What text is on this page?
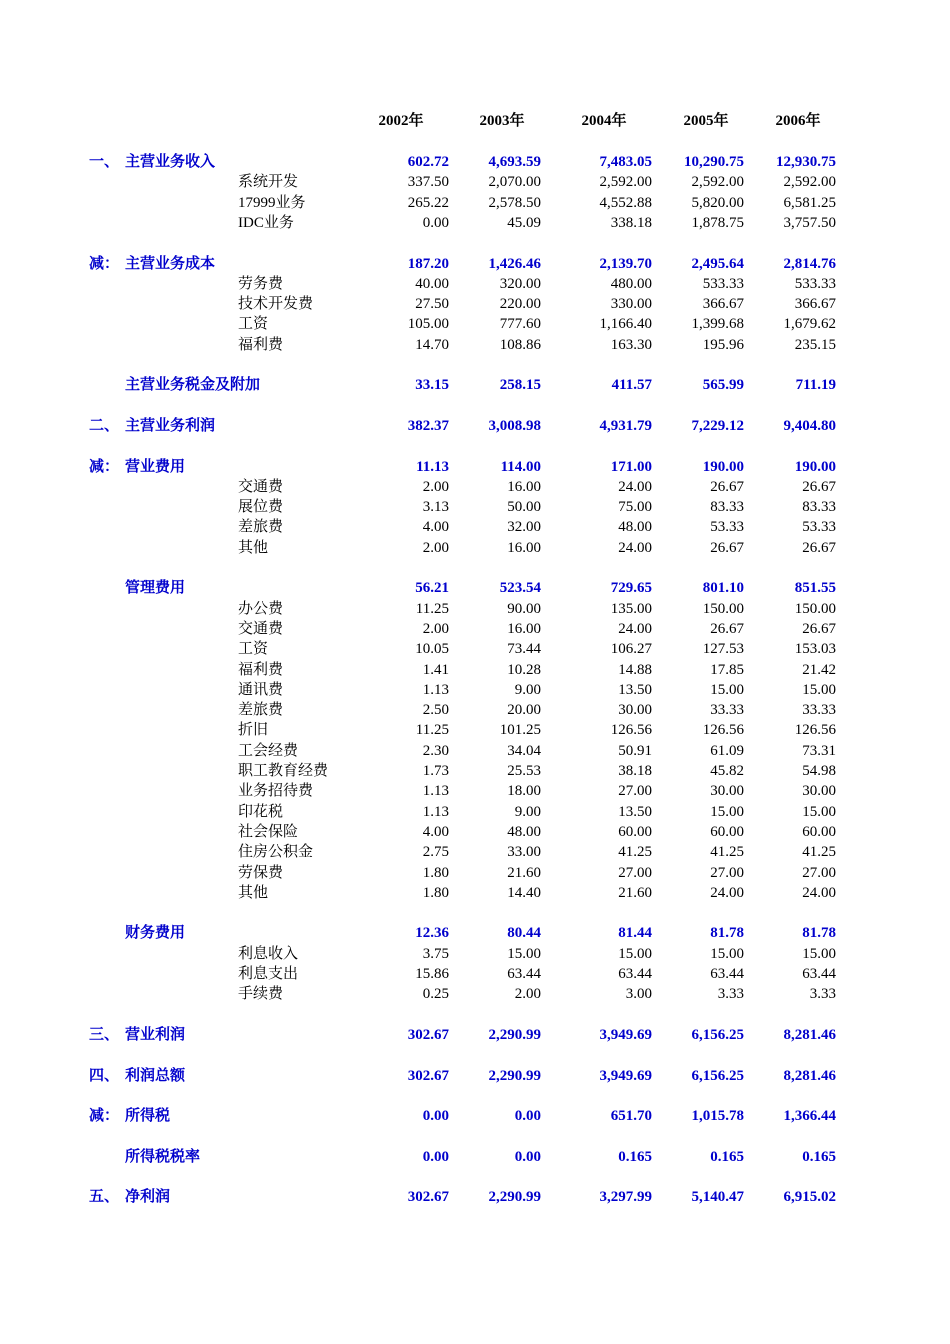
2002年	2003年	2004年	2005年	2006年
一、 主营业务收入	602.72	4,693.59	7,483.05 10,290.75 12,930.75
系统开发	337.50	2,070.00	2,592.00	2,592.00	2,592.00
17999业务	265.22	2,578.50	4,552.88	5,820.00	6,581.25
IDC业务	0.00	45.09	338.18	1,878.75	3,757.50
减： 主营业务成本	187.20	1,426.46	2,139.70	2,495.64	2,814.76
劳务费	40.00	320.00	480.00	533.33	533.33
技术开发费	27.50	220.00	330.00	366.67	366.67
工资	105.00	777.60	1,166.40	1,399.68	1,679.62
福利费	14.70	108.86	163.30	195.96	235.15
主营业务税金及附加	33.15	258.15	411.57	565.99	711.19
二、 主营业务利润	382.37	3,008.98	4,931.79	7,229.12	9,404.80
减： 营业费用	11.13	114.00	171.00	190.00	190.00
交通费	2.00	16.00	24.00	26.67	26.67
展位费	3.13	50.00	75.00	83.33	83.33
差旅费	4.00	32.00	48.00	53.33	53.33
其他	2.00	16.00	24.00	26.67	26.67
管理费用	56.21	523.54	729.65	801.10	851.55
办公费	11.25	90.00	135.00	150.00	150.00
交通费	2.00	16.00	24.00	26.67	26.67
工资	10.05	73.44	106.27	127.53	153.03
福利费	1.41	10.28	14.88	17.85	21.42
通讯费	1.13	9.00	13.50	15.00	15.00
差旅费	2.50	20.00	30.00	33.33	33.33
折旧	11.25	101.25	126.56	126.56	126.56
工会经费	2.30	34.04	50.91	61.09	73.31
职工教育经费	1.73	25.53	38.18	45.82	54.98
业务招待费	1.13	18.00	27.00	30.00	30.00
印花税	1.13	9.00	13.50	15.00	15.00
社会保险	4.00	48.00	60.00	60.00	60.00
住房公积金	2.75	33.00	41.25	41.25	41.25
劳保费	1.80	21.60	27.00	27.00	27.00
其他	1.80	14.40	21.60	24.00	24.00
财务费用	12.36	80.44	81.44	81.78	81.78
利息收入	3.75	15.00	15.00	15.00	15.00
利息支出	15.86	63.44	63.44	63.44	63.44
手续费	0.25	2.00	3.00	3.33	3.33
三、 营业利润	302.67	2,290.99	3,949.69	6,156.25	8,281.46
四、 利润总额	302.67	2,290.99	3,949.69	6,156.25	8,281.46
减： 所得税	0.00	0.00	651.70	1,015.78	1,366.44
所得税税率	0.00	0.00	0.165	0.165	0.165
五、 净利润	302.67	2,290.99	3,297.99	5,140.47	6,915.02
